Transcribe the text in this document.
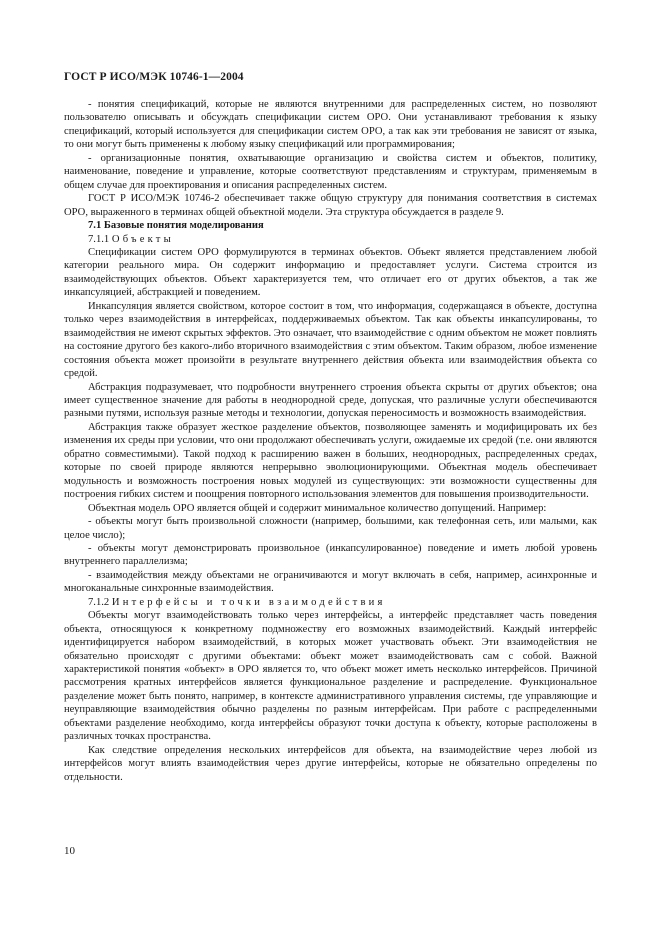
ГОСТ Р ИСО/МЭК 10746-1—2004

- понятия спецификаций, которые не являются внутренними для распределенных систем, но позволяют пользователю описывать и обсуждать спецификации систем ОРО. Они устанавливают требования к языку спецификаций, который используется для спецификации систем ОРО, а так как эти требования не зависят от языка, то они могут быть применены к любому языку спецификаций или программирования;

- организационные понятия, охватывающие организацию и свойства систем и объектов, политику, наименование, поведение и управление, которые соответствуют представлениям и структурам, применяемым в общем случае для проектирования и описания распределенных систем.

ГОСТ Р ИСО/МЭК 10746-2 обеспечивает также общую структуру для понимания соответствия в системах ОРО, выраженного в терминах общей объектной модели. Эта структура обсуждается в разделе 9.

7.1 Базовые понятия моделирования
7.1.1 Объекты

Спецификации систем ОРО формулируются в терминах объектов. Объект является представлением любой категории реального мира. Он содержит информацию и предоставляет услуги. Система строится из взаимодействующих объектов. Объект характеризуется тем, что отличает его от других объектов, а так же инкапсуляцией, абстракцией и поведением.

Инкапсуляция является свойством, которое состоит в том, что информация, содержащаяся в объекте, доступна только через взаимодействия в интерфейсах, поддерживаемых объектом. Так как объекты инкапсулированы, то взаимодействия не имеют скрытых эффектов. Это означает, что взаимодействие с одним объектом не может повлиять на состояние другого без какого-либо вторичного взаимодействия с этим объектом. Таким образом, любое изменение состояния объекта может произойти в результате внутреннего действия объекта или взаимодействия объекта со средой.

Абстракция подразумевает, что подробности внутреннего строения объекта скрыты от других объектов; она имеет существенное значение для работы в неоднородной среде, допуская, что различные услуги обеспечиваются разными путями, используя разные методы и технологии, допуская переносимость и возможность взаимодействия.

Абстракция также образует жесткое разделение объектов, позволяющее заменять и модифицировать их без изменения их среды при условии, что они продолжают обеспечивать услуги, ожидаемые их средой (т.е. они являются обратно совместимыми). Такой подход к расширению важен в больших, неоднородных, распределенных средах, которые по своей природе являются непрерывно эволюционирующими. Объектная модель обеспечивает модульность и возможность построения новых модулей из существующих: эти возможности существенны для построения гибких систем и поощрения повторного использования элементов для повышения производительности.

Объектная модель ОРО является общей и содержит минимальное количество допущений. Например:

- объекты могут быть произвольной сложности (например, большими, как телефонная сеть, или малыми, как целое число);

- объекты могут демонстрировать произвольное (инкапсулированное) поведение и иметь любой уровень внутреннего параллелизма;

- взаимодействия между объектами не ограничиваются и могут включать в себя, например, асинхронные и многоканальные синхронные взаимодействия.

7.1.2 Интерфейсы и точки взаимодействия

Объекты могут взаимодействовать только через интерфейсы, а интерфейс представляет часть поведения объекта, относящуюся к конкретному подмножеству его возможных взаимодействий. Каждый интерфейс идентифицируется набором взаимодействий, в которых может участвовать объект. Эти взаимодействия не обязательно происходят с другими объектами: объект может взаимодействовать сам с собой. Важной характеристикой понятия «объект» в ОРО является то, что объект может иметь несколько интерфейсов. Причиной рассмотрения кратных интерфейсов является функциональное разделение и распределение. Функциональное разделение может быть понято, например, в контексте административного управления системы, где управляющие и неуправляющие взаимодействия обычно разделены по разным интерфейсам. При работе с распределенными объектами разделение необходимо, когда интерфейсы образуют точки доступа к объекту, которые расположены в различных точках пространства.

Как следствие определения нескольких интерфейсов для объекта, на взаимодействие через любой из интерфейсов могут влиять взаимодействия через другие интерфейсы, которые не обязательно определены по отдельности.

10
